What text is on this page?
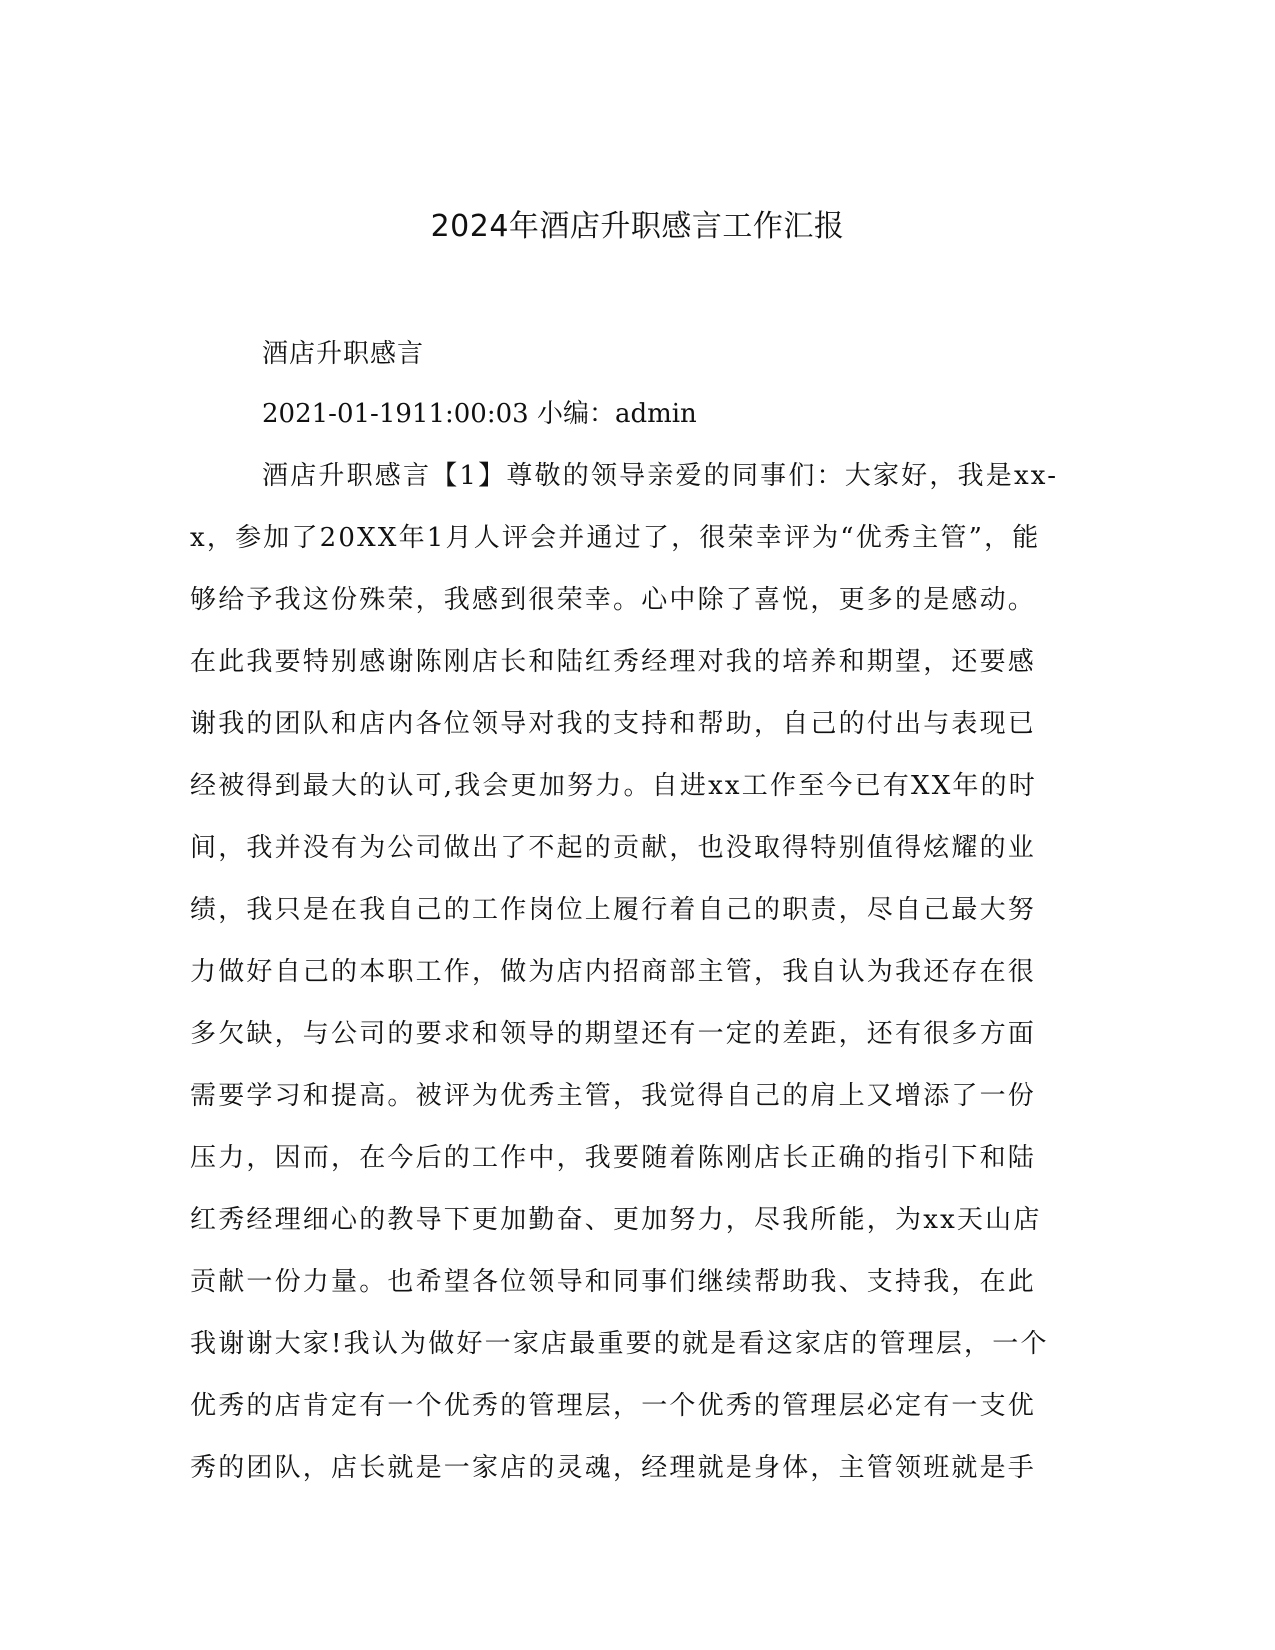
2024年酒店升职感言工作汇报

酒店升职感言

2021-01-1911:00:03 小编：admin

酒店升职感言【1】尊敬的领导亲爱的同事们：大家好，我是xx-
x，参加了20XX年1月人评会并通过了，很荣幸评为“优秀主管”，能
够给予我这份殊荣，我感到很荣幸。心中除了喜悦，更多的是感动。
在此我要特别感谢陈刚店长和陆红秀经理对我的培养和期望，还要感
谢我的团队和店内各位领导对我的支持和帮助，自己的付出与表现已
经被得到最大的认可,我会更加努力。自进xx工作至今已有XX年的时
间，我并没有为公司做出了不起的贡献，也没取得特别值得炫耀的业
绩，我只是在我自己的工作岗位上履行着自己的职责，尽自己最大努
力做好自己的本职工作，做为店内招商部主管，我自认为我还存在很
多欠缺，与公司的要求和领导的期望还有一定的差距，还有很多方面
需要学习和提高。被评为优秀主管，我觉得自己的肩上又增添了一份
压力，因而，在今后的工作中，我要随着陈刚店长正确的指引下和陆
红秀经理细心的教导下更加勤奋、更加努力，尽我所能，为xx天山店
贡献一份力量。也希望各位领导和同事们继续帮助我、支持我，在此
我谢谢大家!我认为做好一家店最重要的就是看这家店的管理层，一个
优秀的店肯定有一个优秀的管理层，一个优秀的管理层必定有一支优
秀的团队，店长就是一家店的灵魂，经理就是身体，主管领班就是手
